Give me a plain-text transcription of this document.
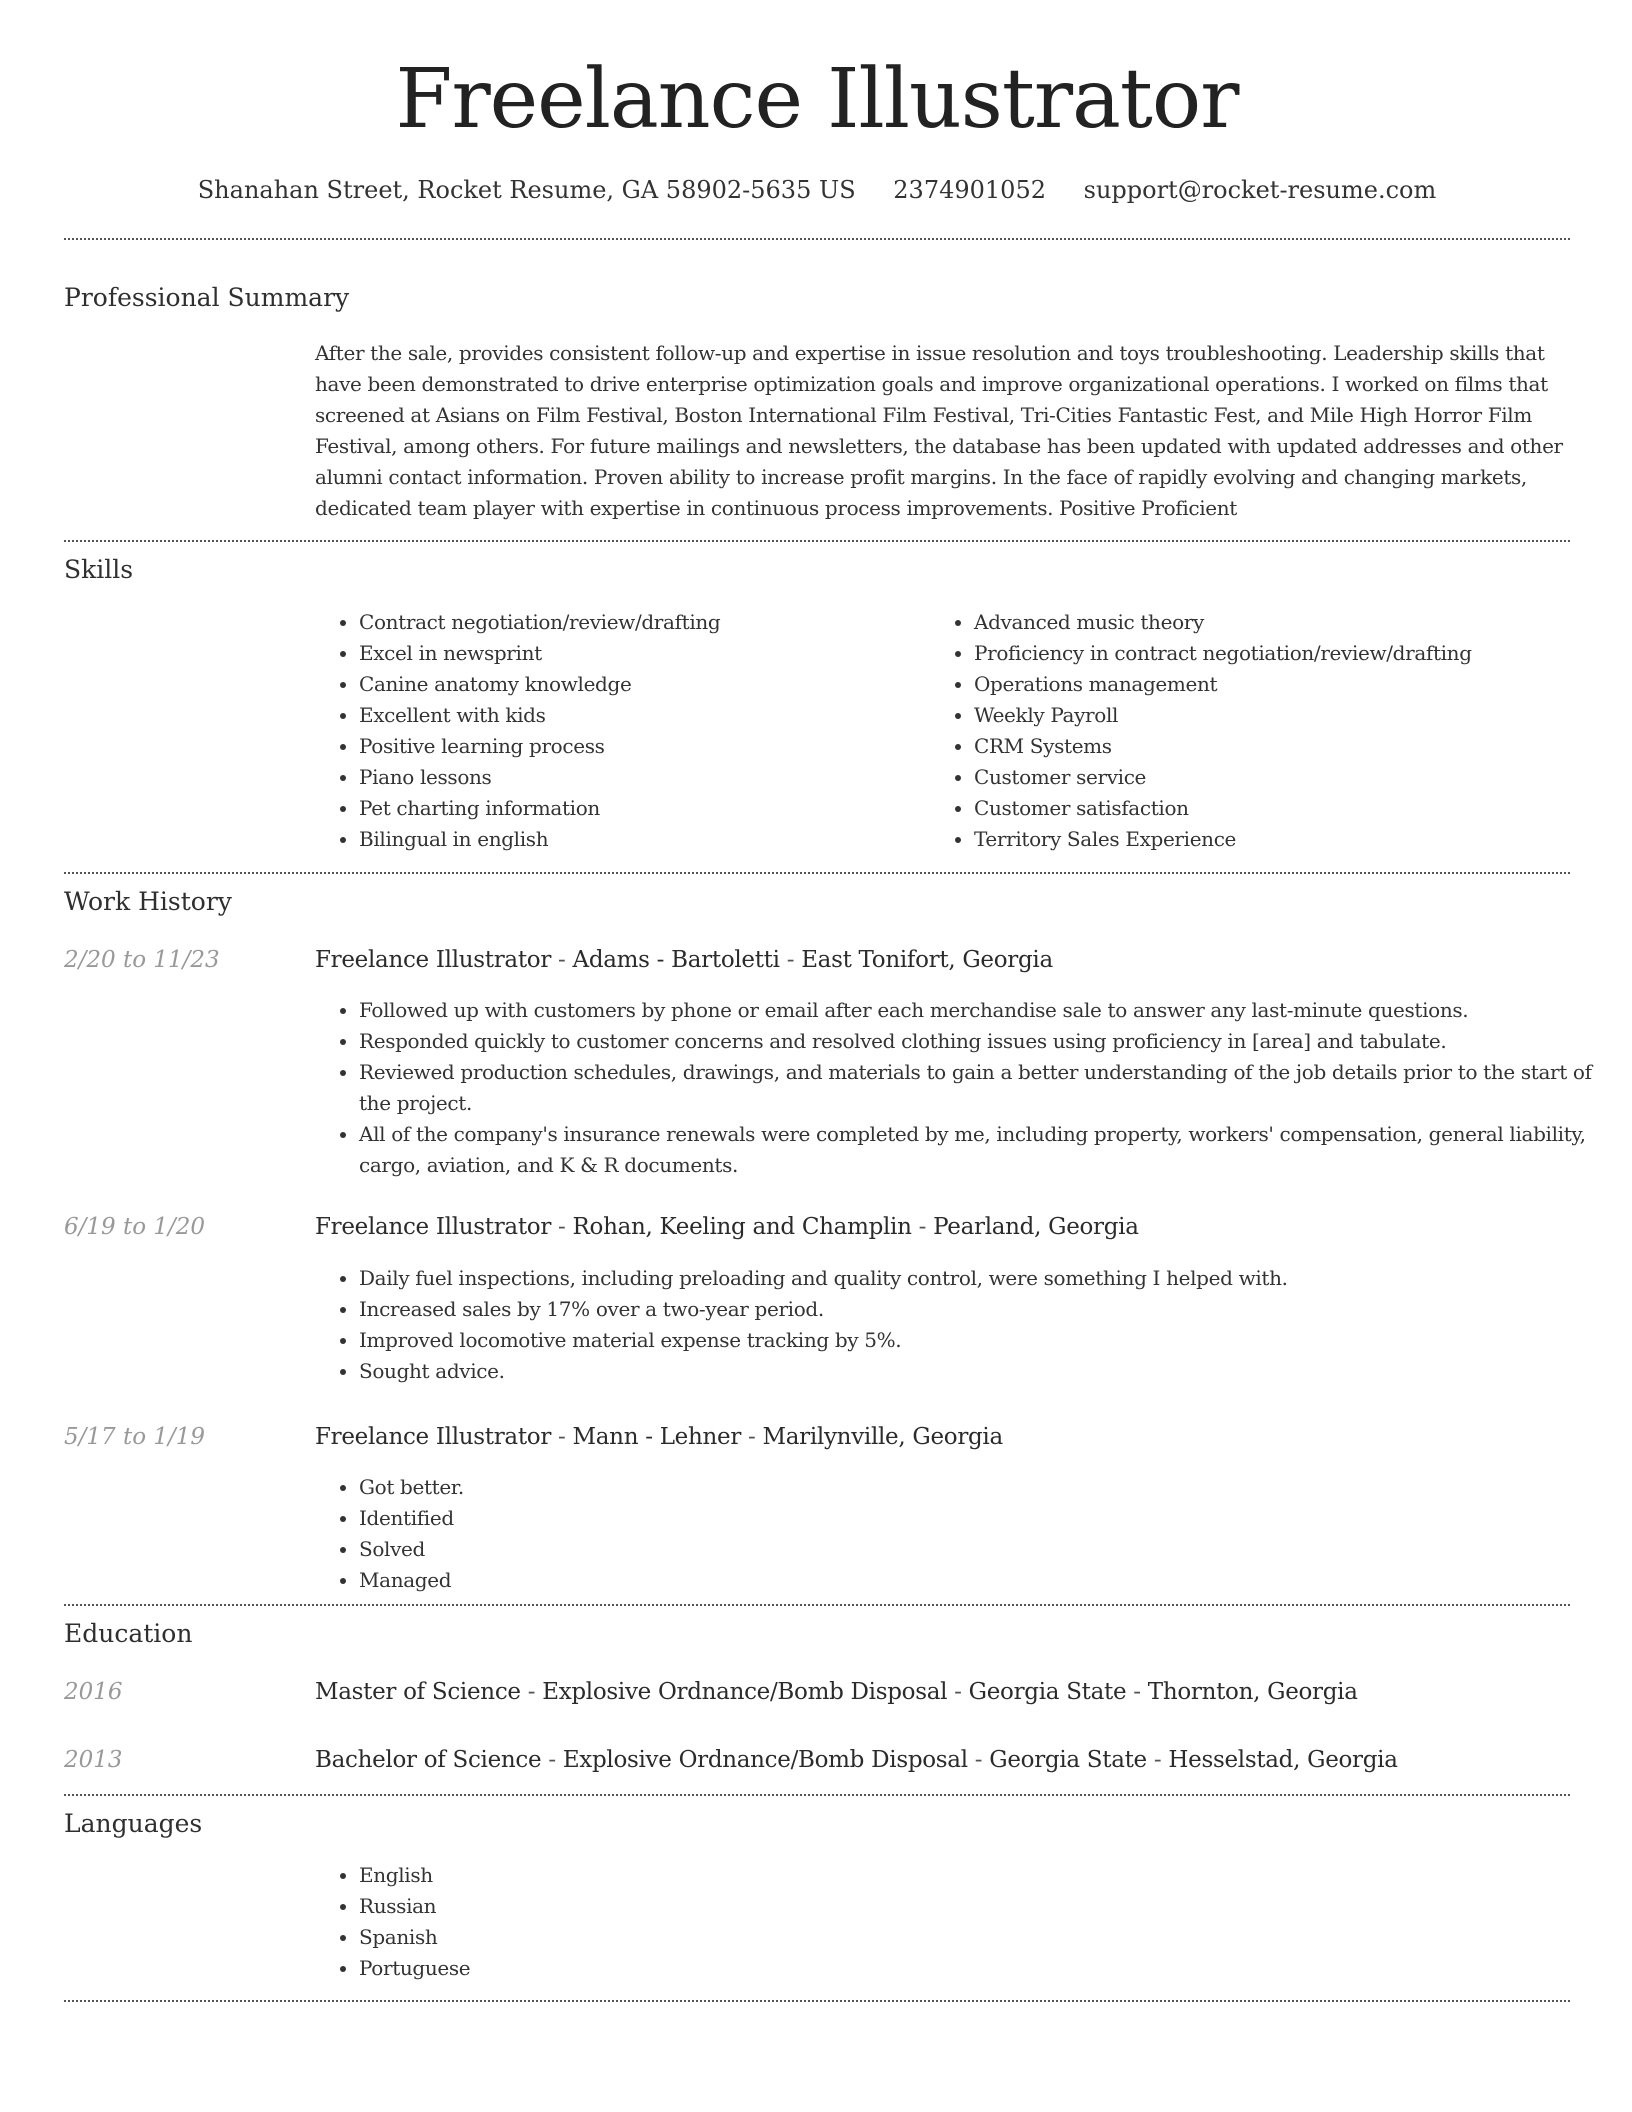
Freelance Illustrator
Shanahan Street, Rocket Resume, GA 58902-5635 US 2374901052 support@rocket-resume.com
Professional Summary
After the sale, provides consistent follow-up and expertise in issue resolution and toys troubleshooting. Leadership skills that have been demonstrated to drive enterprise optimization goals and improve organizational operations. I worked on films that screened at Asians on Film Festival, Boston International Film Festival, Tri-Cities Fantastic Fest, and Mile High Horror Film Festival, among others. For future mailings and newsletters, the database has been updated with updated addresses and other alumni contact information. Proven ability to increase profit margins. In the face of rapidly evolving and changing markets, dedicated team player with expertise in continuous process improvements. Positive Proficient
Skills
• Contract negotiation/review/drafting
• Excel in newsprint
• Canine anatomy knowledge
• Excellent with kids
• Positive learning process
• Piano lessons
• Pet charting information
• Bilingual in english
• Advanced music theory
• Proficiency in contract negotiation/review/drafting
• Operations management
• Weekly Payroll
• CRM Systems
• Customer service
• Customer satisfaction
• Territory Sales Experience
Work History
2/20 to 11/23	Freelance Illustrator - Adams - Bartoletti - East Tonifort, Georgia
• Followed up with customers by phone or email after each merchandise sale to answer any last-minute questions.
• Responded quickly to customer concerns and resolved clothing issues using proficiency in [area] and tabulate.
• Reviewed production schedules, drawings, and materials to gain a better understanding of the job details prior to the start of the project.
• All of the company's insurance renewals were completed by me, including property, workers' compensation, general liability, cargo, aviation, and K & R documents.
6/19 to 1/20	Freelance Illustrator - Rohan, Keeling and Champlin - Pearland, Georgia
• Daily fuel inspections, including preloading and quality control, were something I helped with.
• Increased sales by 17% over a two-year period.
• Improved locomotive material expense tracking by 5%.
• Sought advice.
5/17 to 1/19	Freelance Illustrator - Mann - Lehner - Marilynville, Georgia
• Got better.
• Identified
• Solved
• Managed
Education
2016	Master of Science - Explosive Ordnance/Bomb Disposal - Georgia State - Thornton, Georgia
2013	Bachelor of Science - Explosive Ordnance/Bomb Disposal - Georgia State - Hesselstad, Georgia
Languages
• English
• Russian
• Spanish
• Portuguese
